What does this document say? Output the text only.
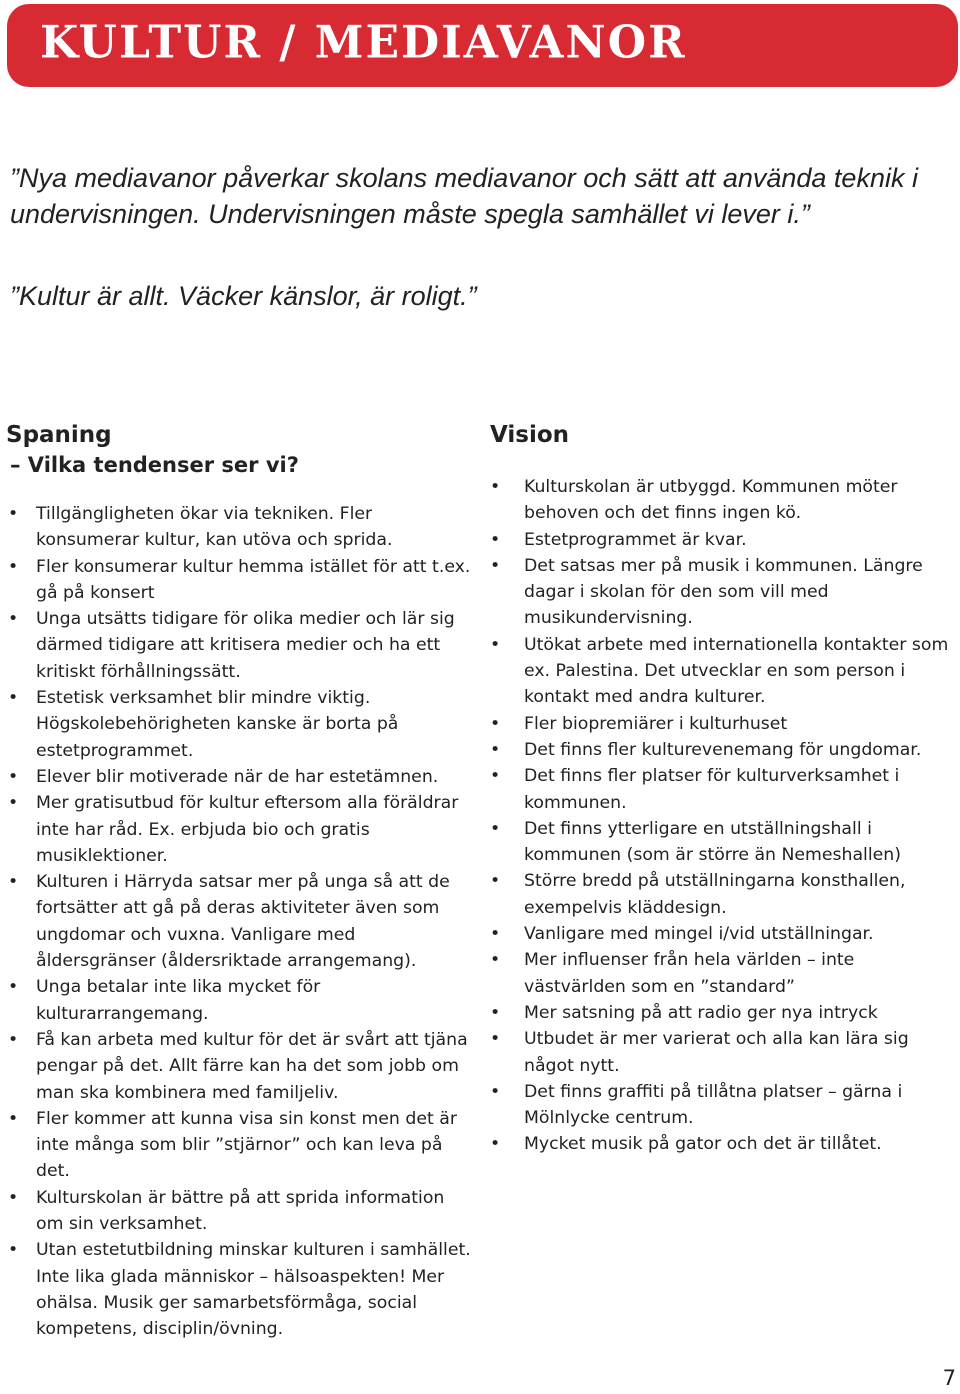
KULTUR / MEDIAVANOR
”Nya mediavanor påverkar skolans mediavanor och sätt att använda teknik i undervisningen. Undervisningen måste spegla samhället vi lever i.”
”Kultur är allt. Väcker känslor, är roligt.”
Spaning
– Vilka tendenser ser vi?
• Tillgängligheten ökar via tekniken. Fler konsumerar kultur, kan utöva och sprida.
• Fler konsumerar kultur hemma istället för att t.ex. gå på konsert
• Unga utsätts tidigare för olika medier och lär sig därmed tidigare att kritisera medier och ha ett kritiskt förhållningssätt.
• Estetisk verksamhet blir mindre viktig. Högskolebehörigheten kanske är borta på estetprogrammet.
• Elever blir motiverade när de har estetämnen.
• Mer gratisutbud för kultur eftersom alla föräldrar inte har råd. Ex. erbjuda bio och gratis musiklektioner.
• Kulturen i Härryda satsar mer på unga så att de fortsätter att gå på deras aktiviteter även som ungdomar och vuxna. Vanligare med åldersgränser (åldersriktade arrangemang).
• Unga betalar inte lika mycket för kulturarrangemang.
• Få kan arbeta med kultur för det är svårt att tjäna pengar på det. Allt färre kan ha det som jobb om man ska kombinera med familjeliv.
• Fler kommer att kunna visa sin konst men det är inte många som blir ”stjärnor” och kan leva på det.
• Kulturskolan är bättre på att sprida information om sin verksamhet.
• Utan estetutbildning minskar kulturen i samhället. Inte lika glada människor – hälsoaspekten! Mer ohälsa. Musik ger samarbetsförmåga, social kompetens, disciplin/övning.
Vision
• Kulturskolan är utbyggd. Kommunen möter behoven och det finns ingen kö.
• Estetprogrammet är kvar.
• Det satsas mer på musik i kommunen. Längre dagar i skolan för den som vill med musikundervisning.
• Utökat arbete med internationella kontakter som ex. Palestina. Det utvecklar en som person i kontakt med andra kulturer.
• Fler biopremiärer i kulturhuset
• Det finns fler kulturevenemang för ungdomar.
• Det finns fler platser för kulturverksamhet i kommunen.
• Det finns ytterligare en utställningshall i kommunen (som är större än Nemeshallen)
• Större bredd på utställningarna konsthallen, exempelvis kläddesign.
• Vanligare med mingel i/vid utställningar.
• Mer influenser från hela världen – inte västvärlden som en ”standard”
• Mer satsning på att radio ger nya intryck
• Utbudet är mer varierat och alla kan lära sig något nytt.
• Det finns graffiti på tillåtna platser – gärna i Mölnlycke centrum.
• Mycket musik på gator och det är tillåtet.
7
